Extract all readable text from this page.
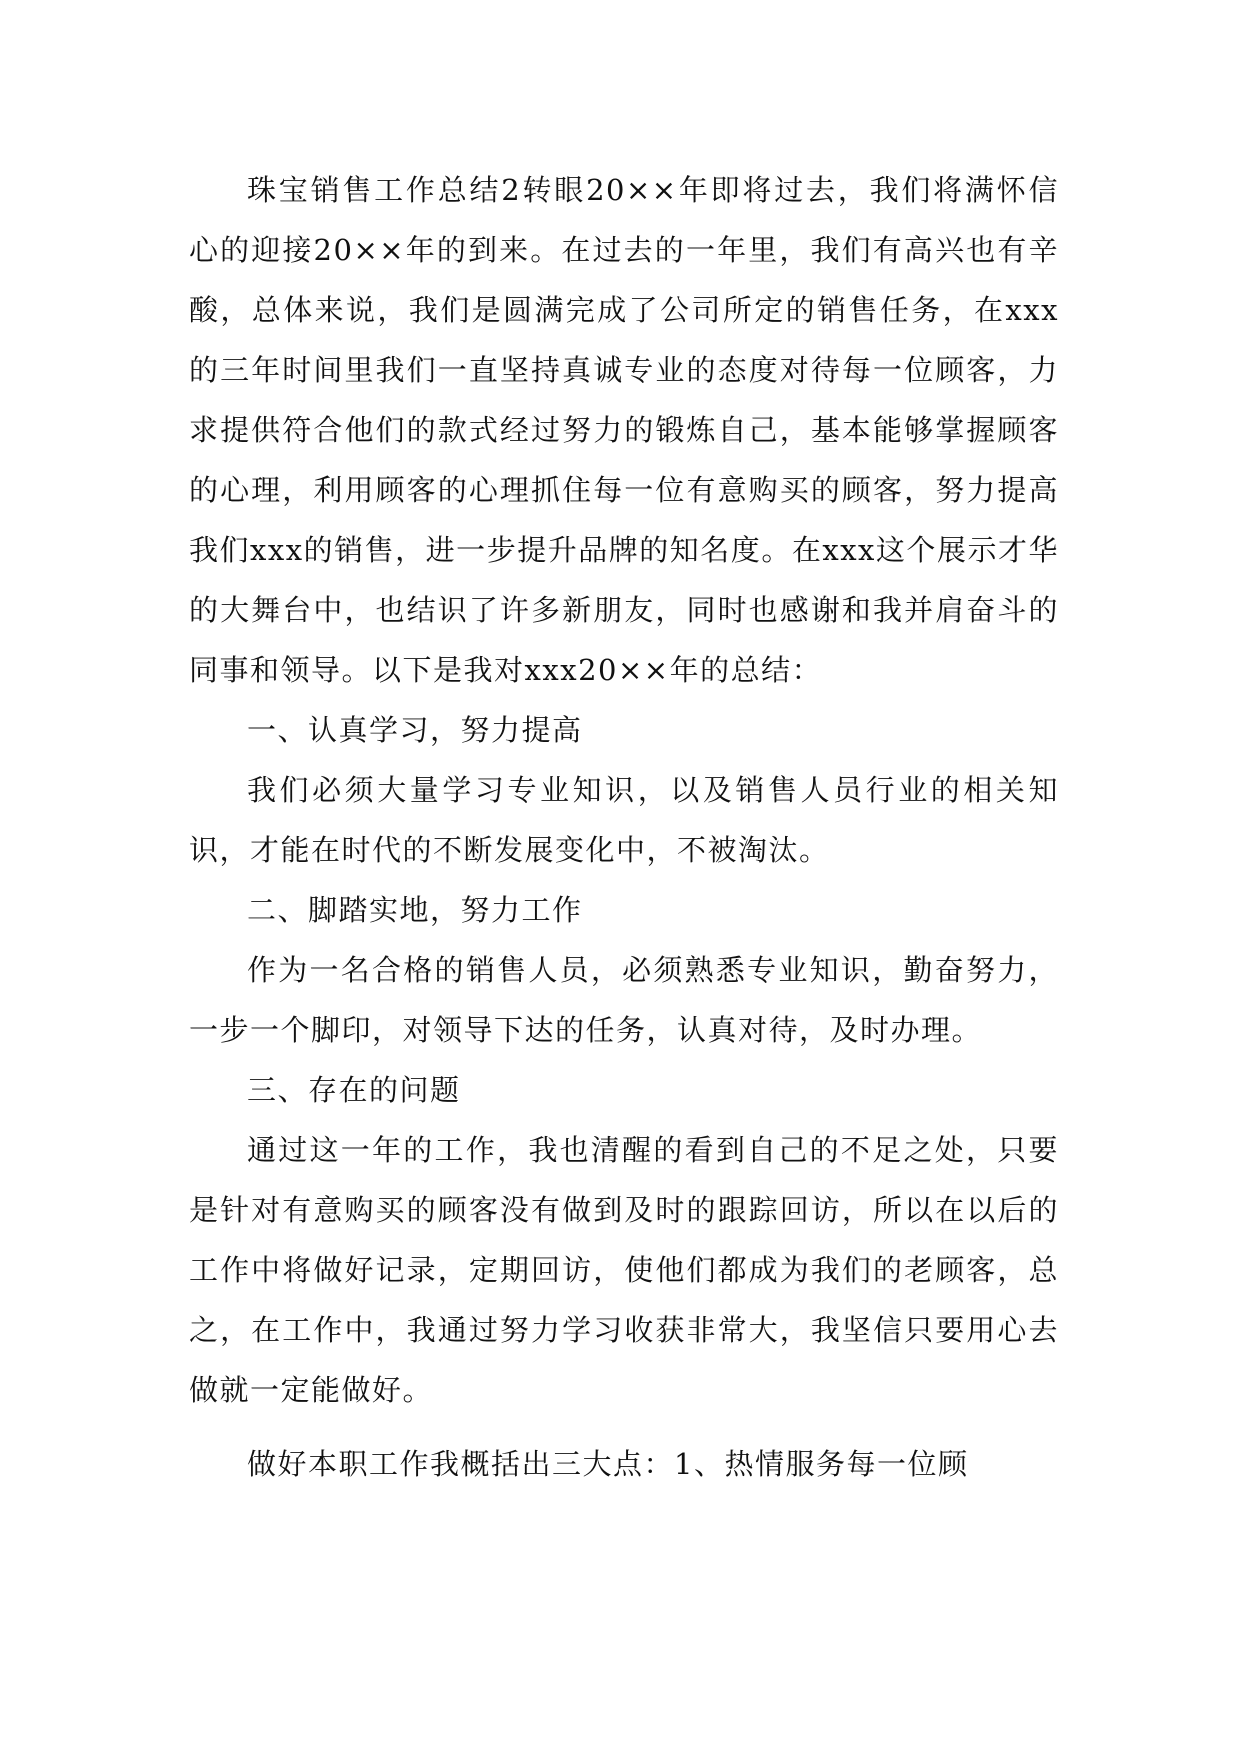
珠宝销售工作总结2转眼20××年即将过去，我们将满怀信心的迎接20××年的到来。在过去的一年里，我们有高兴也有辛酸，总体来说，我们是圆满完成了公司所定的销售任务，在xxx的三年时间里我们一直坚持真诚专业的态度对待每一位顾客，力求提供符合他们的款式经过努力的锻炼自己，基本能够掌握顾客的心理，利用顾客的心理抓住每一位有意购买的顾客，努力提高我们xxx的销售，进一步提升品牌的知名度。在xxx这个展示才华的大舞台中，也结识了许多新朋友，同时也感谢和我并肩奋斗的同事和领导。以下是我对xxx20××年的总结：

一、认真学习，努力提高

我们必须大量学习专业知识，以及销售人员行业的相关知识，才能在时代的不断发展变化中，不被淘汰。

二、脚踏实地，努力工作

作为一名合格的销售人员，必须熟悉专业知识，勤奋努力，一步一个脚印，对领导下达的任务，认真对待，及时办理。

三、存在的问题

通过这一年的工作，我也清醒的看到自己的不足之处，只要是针对有意购买的顾客没有做到及时的跟踪回访，所以在以后的工作中将做好记录，定期回访，使他们都成为我们的老顾客，总之，在工作中，我通过努力学习收获非常大，我坚信只要用心去做就一定能做好。

做好本职工作我概括出三大点：1、热情服务每一位顾
